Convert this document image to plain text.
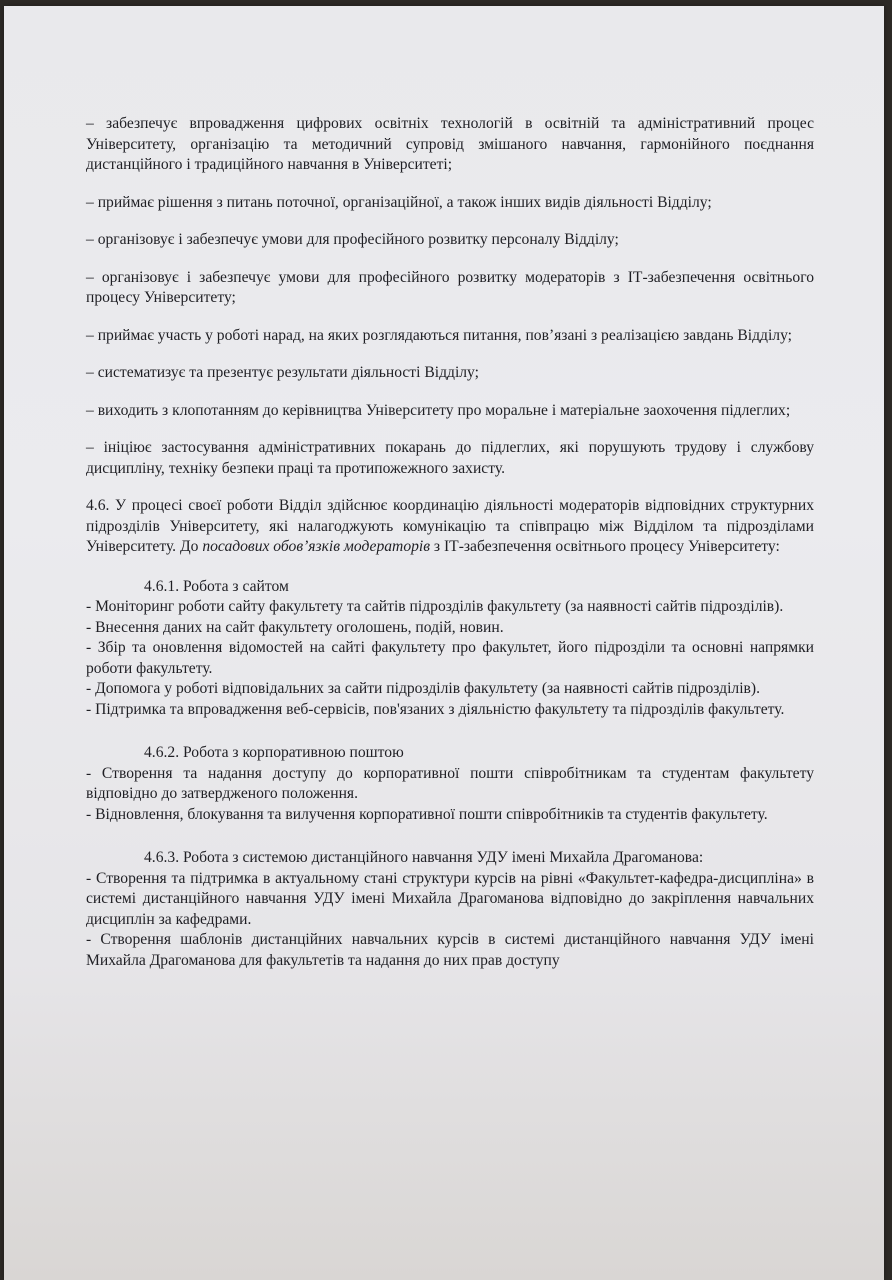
– забезпечує впровадження цифрових освітніх технологій в освітній та адміністративний процес Університету, організацію та методичний супровід змішаного навчання, гармонійного поєднання дистанційного і традиційного навчання в Університеті;

– приймає рішення з питань поточної, організаційної, а також інших видів діяльності Відділу;

– організовує і забезпечує умови для професійного розвитку персоналу Відділу;

– організовує і забезпечує умови для професійного розвитку модераторів з ІТ-забезпечення освітнього процесу Університету;

– приймає участь у роботі нарад, на яких розглядаються питання, пов’язані з реалізацією завдань Відділу;

– систематизує та презентує результати діяльності Відділу;

– виходить з клопотанням до керівництва Університету про моральне і матеріальне заохочення підлеглих;

– ініціює застосування адміністративних покарань до підлеглих, які порушують трудову і службову дисципліну, техніку безпеки праці та протипожежного захисту.

4.6. У процесі своєї роботи Відділ здійснює координацію діяльності модераторів відповідних структурних підрозділів Університету, які налагоджують комунікацію та співпрацю між Відділом та підрозділами Університету. До посадових обов’язків модераторів з ІТ-забезпечення освітнього процесу Університету:

4.6.1. Робота з сайтом

- Моніторинг роботи сайту факультету та сайтів підрозділів факультету (за наявності сайтів підрозділів).

- Внесення даних на сайт факультету оголошень, подій, новин.

- Збір та оновлення відомостей на сайті факультету про факультет, його підрозділи та основні напрямки роботи факультету.

- Допомога у роботі відповідальних за сайти підрозділів факультету (за наявності сайтів підрозділів).

- Підтримка та впровадження веб-сервісів, пов'язаних з діяльністю факультету та підрозділів факультету.

4.6.2. Робота з корпоративною поштою

- Створення та надання доступу до корпоративної пошти співробітникам та студентам факультету відповідно до затвердженого положення.

- Відновлення, блокування та вилучення корпоративної пошти співробітників та студентів факультету.

4.6.3. Робота з системою дистанційного навчання УДУ імені Михайла Драгоманова:

- Створення та підтримка в актуальному стані структури курсів на рівні «Факультет-кафедра-дисципліна» в системі дистанційного навчання УДУ імені Михайла Драгоманова відповідно до закріплення навчальних дисциплін за кафедрами.

- Створення шаблонів дистанційних навчальних курсів в системі дистанційного навчання УДУ імені Михайла Драгоманова для факультетів та надання до них прав доступу
